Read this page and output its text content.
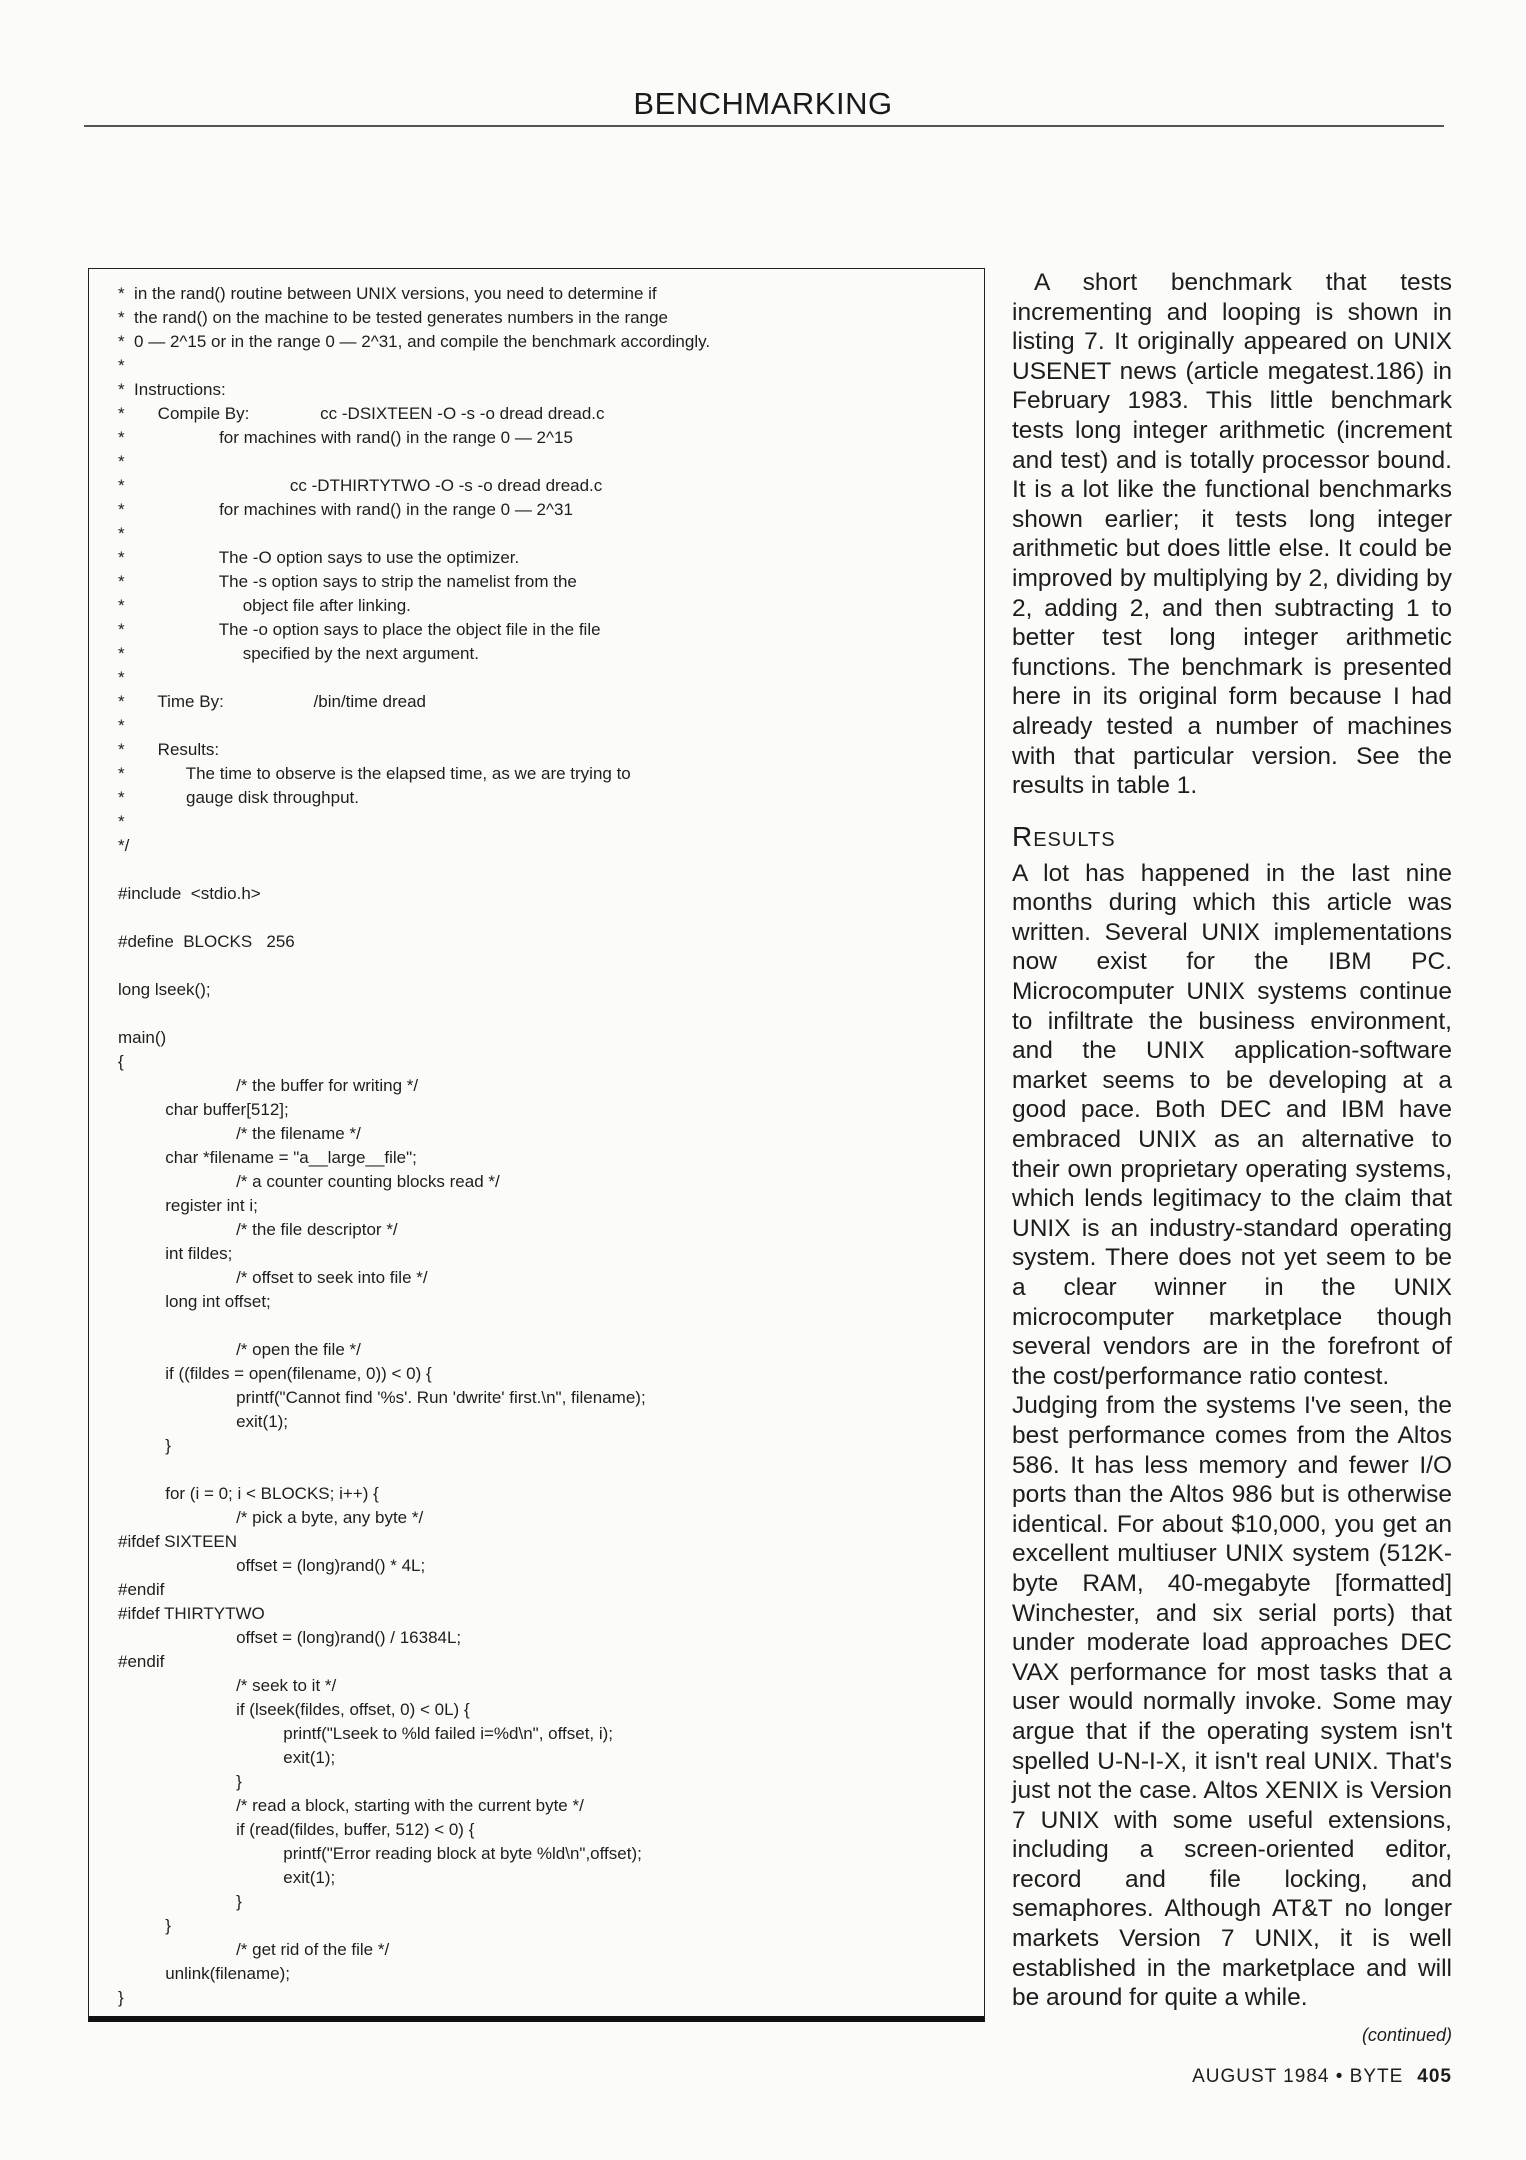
BENCHMARKING
*  in the rand() routine between UNIX versions, you need to determine if
*  the rand() on the machine to be tested generates numbers in the range
*  0 — 2^15 or in the range 0 — 2^31, and compile the benchmark accordingly.
*
*  Instructions:
*       Compile By:               cc -DSIXTEEN -O -s -o dread dread.c
*                    for machines with rand() in the range 0 — 2^15
*
*                                   cc -DTHIRTYTWO -O -s -o dread dread.c
*                    for machines with rand() in the range 0 — 2^31
*
*                    The -O option says to use the optimizer.
*                    The -s option says to strip the namelist from the
*                         object file after linking.
*                    The -o option says to place the object file in the file
*                         specified by the next argument.
*
*       Time By:                   /bin/time dread
*
*       Results:
*             The time to observe is the elapsed time, as we are trying to
*             gauge disk throughput.
*
*/
#include  <stdio.h>
#define  BLOCKS   256
long lseek();
main()
{
/* the buffer for writing */
char buffer[512];
/* the filename */
char *filename = "a__large__file";
/* a counter counting blocks read */
register int i;
/* the file descriptor */
int fildes;
/* offset to seek into file */
long int offset;
/* open the file */
if ((fildes = open(filename, 0)) < 0) {
printf("Cannot find '%s'. Run 'dwrite' first.\n", filename);
exit(1);
}
for (i = 0; i < BLOCKS; i++) {
/* pick a byte, any byte */
#ifdef SIXTEEN
offset = (long)rand() * 4L;
#endif
#ifdef THIRTYTWO
offset = (long)rand() / 16384L;
#endif
/* seek to it */
if (lseek(fildes, offset, 0) < 0L) {
printf("Lseek to %ld failed i=%d\n", offset, i);
exit(1);
}
/* read a block, starting with the current byte */
if (read(fildes, buffer, 512) < 0) {
printf("Error reading block at byte %ld\n",offset);
exit(1);
}
}
/* get rid of the file */
unlink(filename);
}

A short benchmark that tests incrementing and looping is shown in listing 7. It originally appeared on UNIX USENET news (article megatest.186) in February 1983. This little benchmark tests long integer arithmetic (increment and test) and is totally processor bound. It is a lot like the functional benchmarks shown earlier; it tests long integer arithmetic but does little else. It could be improved by multiplying by 2, dividing by 2, adding 2, and then subtracting 1 to better test long integer arithmetic functions. The benchmark is presented here in its original form because I had already tested a number of machines with that particular version. See the results in table 1.

Results

A lot has happened in the last nine months during which this article was written. Several UNIX implementations now exist for the IBM PC. Microcomputer UNIX systems continue to infiltrate the business environment, and the UNIX application-software market seems to be developing at a good pace. Both DEC and IBM have embraced UNIX as an alternative to their own proprietary operating systems, which lends legitimacy to the claim that UNIX is an industry-standard operating system. There does not yet seem to be a clear winner in the UNIX microcomputer marketplace though several vendors are in the forefront of the cost/performance ratio contest.

Judging from the systems I've seen, the best performance comes from the Altos 586. It has less memory and fewer I/O ports than the Altos 986 but is otherwise identical. For about $10,000, you get an excellent multiuser UNIX system (512K-byte RAM, 40-megabyte [formatted] Winchester, and six serial ports) that under moderate load approaches DEC VAX performance for most tasks that a user would normally invoke. Some may argue that if the operating system isn't spelled U-N-I-X, it isn't real UNIX. That's just not the case. Altos XENIX is Version 7 UNIX with some useful extensions, including a screen-oriented editor, record and file locking, and semaphores. Although AT&T no longer markets Version 7 UNIX, it is well established in the marketplace and will be around for quite a while.

(continued)
AUGUST 1984 • BYTE 405
